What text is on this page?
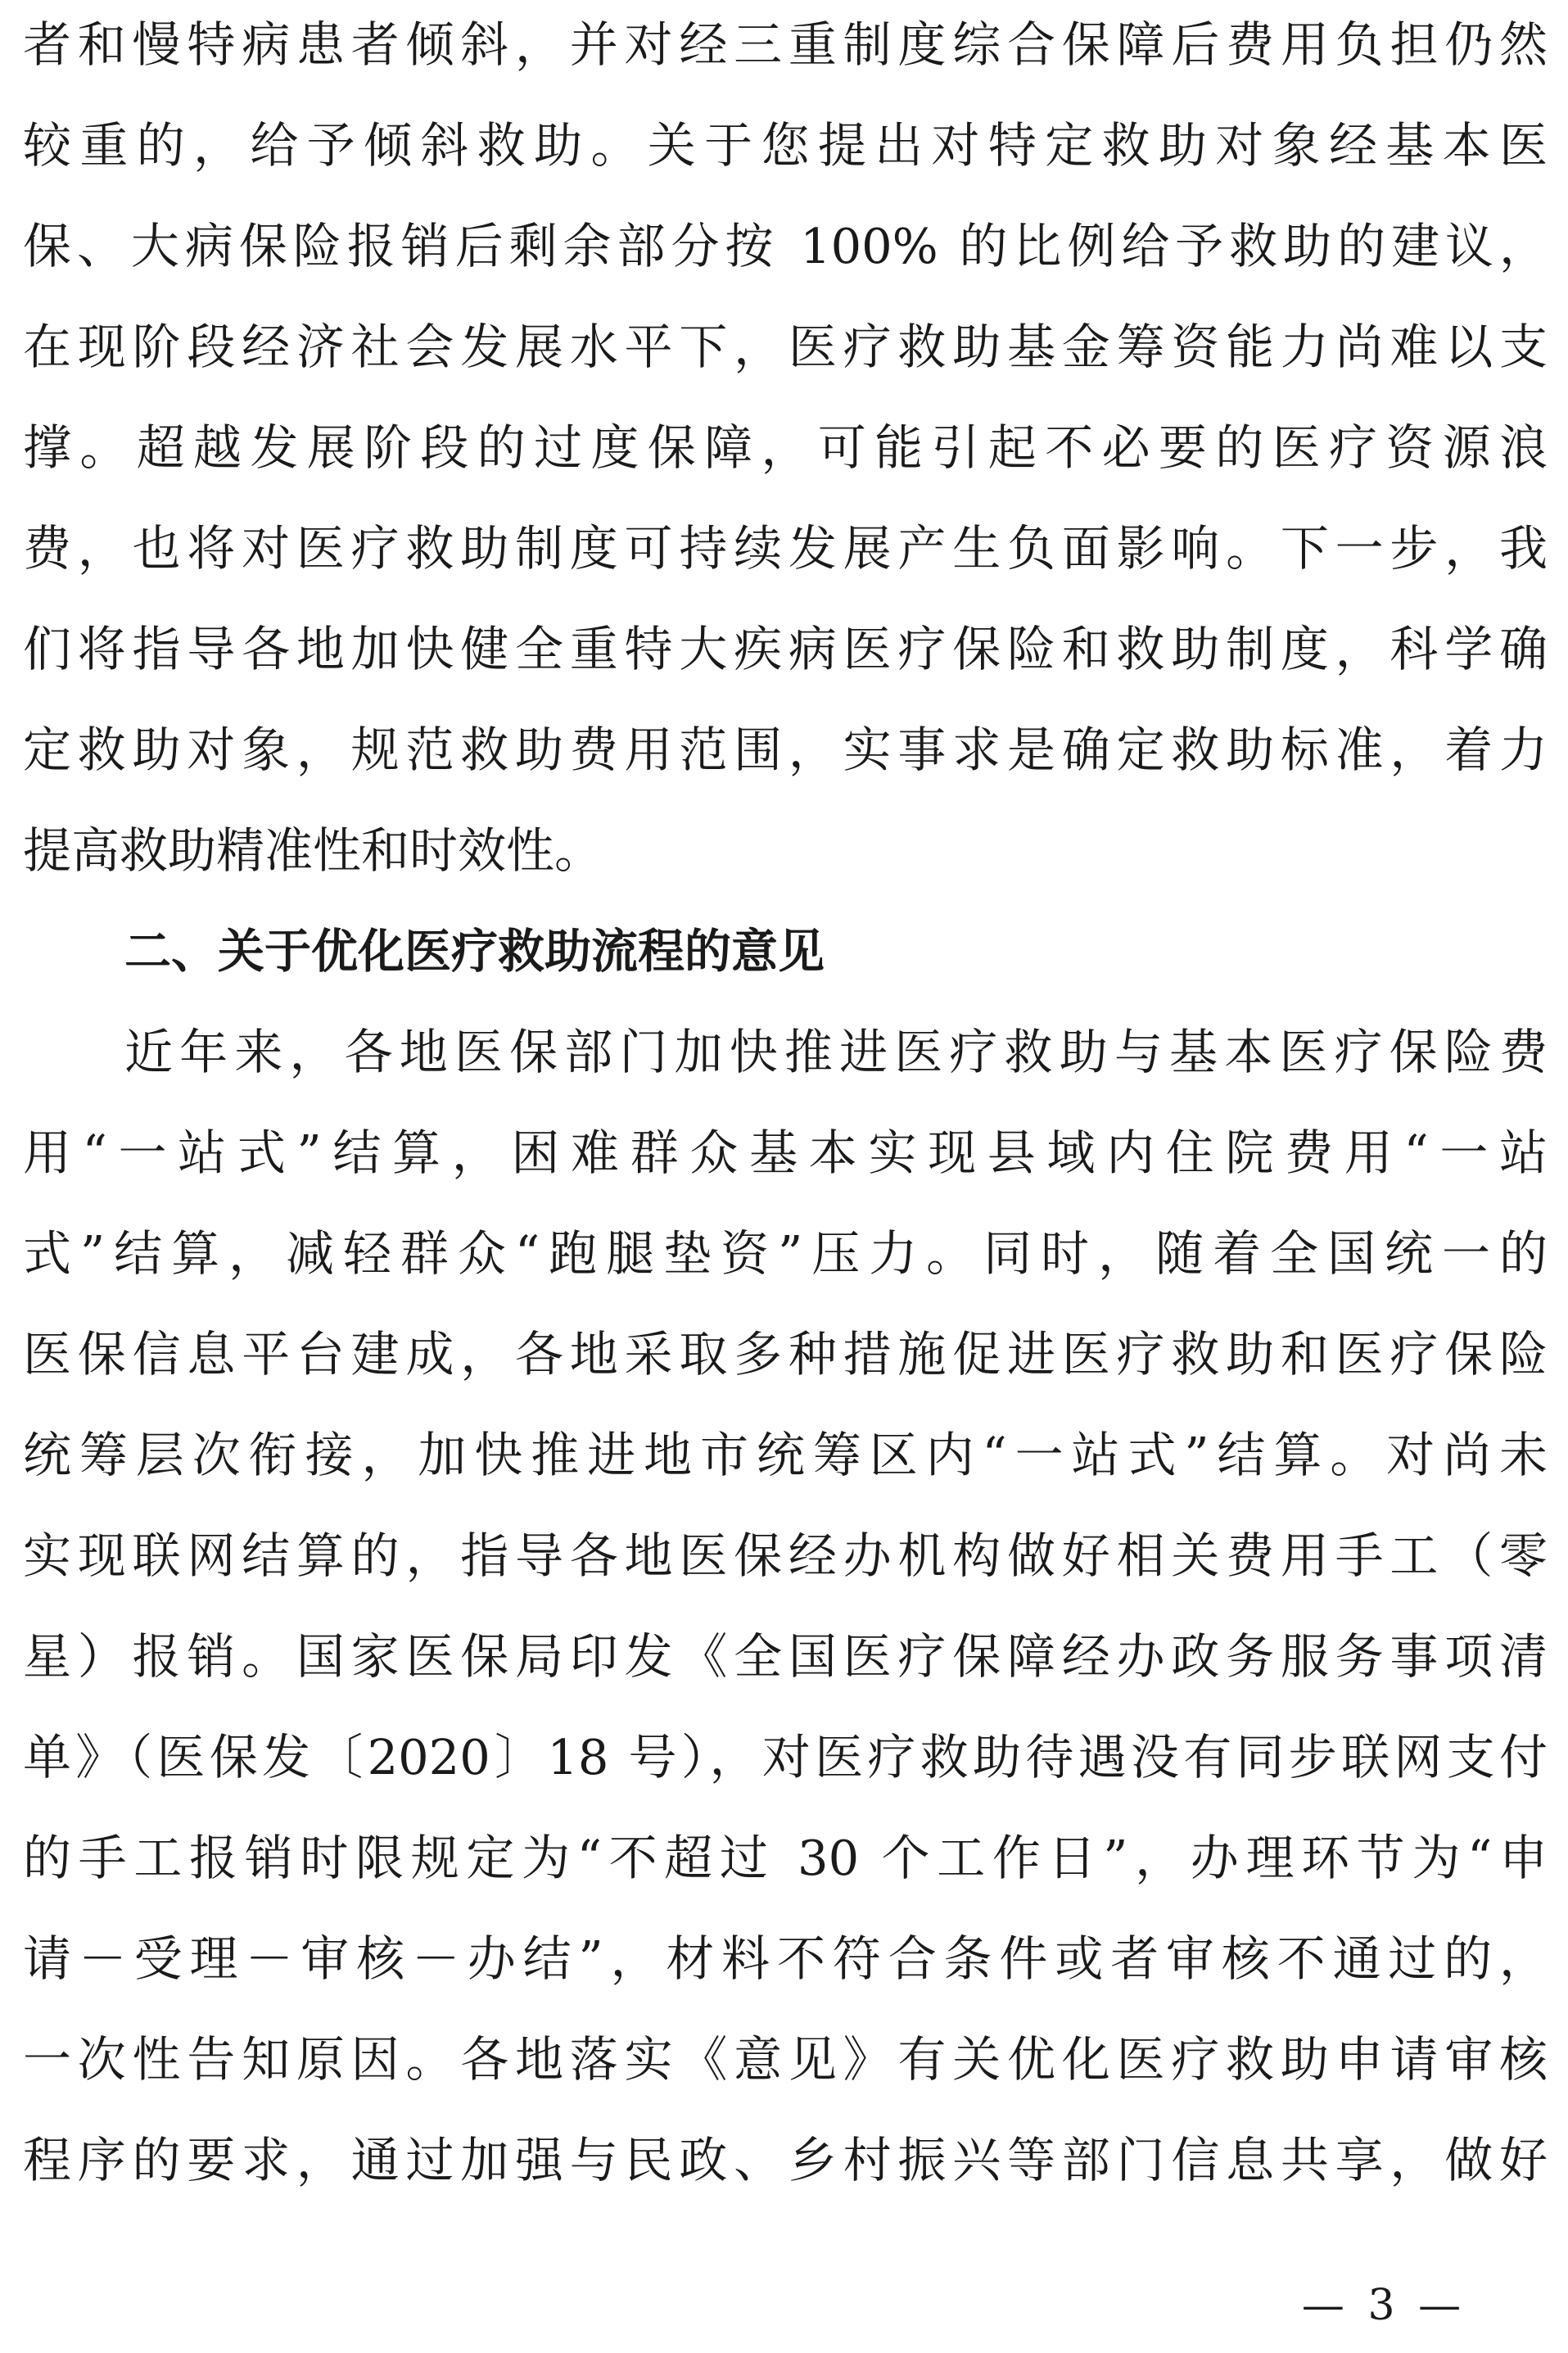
者和慢特病患者倾斜，并对经三重制度综合保障后费用负担仍然
较重的，给予倾斜救助。关于您提出对特定救助对象经基本医
保、大病保险报销后剩余部分按 100% 的比例给予救助的建议，
在现阶段经济社会发展水平下，医疗救助基金筹资能力尚难以支
撑。超越发展阶段的过度保障，可能引起不必要的医疗资源浪
费，也将对医疗救助制度可持续发展产生负面影响。下一步，我
们将指导各地加快健全重特大疾病医疗保险和救助制度，科学确
定救助对象，规范救助费用范围，实事求是确定救助标准，着力
提高救助精准性和时效性。
二、关于优化医疗救助流程的意见
近年来，各地医保部门加快推进医疗救助与基本医疗保险费
用“一站式”结算，困难群众基本实现县域内住院费用“一站
式”结算，减轻群众“跑腿垫资”压力。同时，随着全国统一的
医保信息平台建成，各地采取多种措施促进医疗救助和医疗保险
统筹层次衔接，加快推进地市统筹区内“一站式”结算。对尚未
实现联网结算的，指导各地医保经办机构做好相关费用手工（零
星）报销。国家医保局印发《全国医疗保障经办政务服务事项清
单》（医保发〔2020〕18 号），对医疗救助待遇没有同步联网支付
的手工报销时限规定为“不超过 30 个工作日”，办理环节为“申
请－受理－审核－办结”，材料不符合条件或者审核不通过的，
一次性告知原因。各地落实《意见》有关优化医疗救助申请审核
程序的要求，通过加强与民政、乡村振兴等部门信息共享，做好
— 3 —
